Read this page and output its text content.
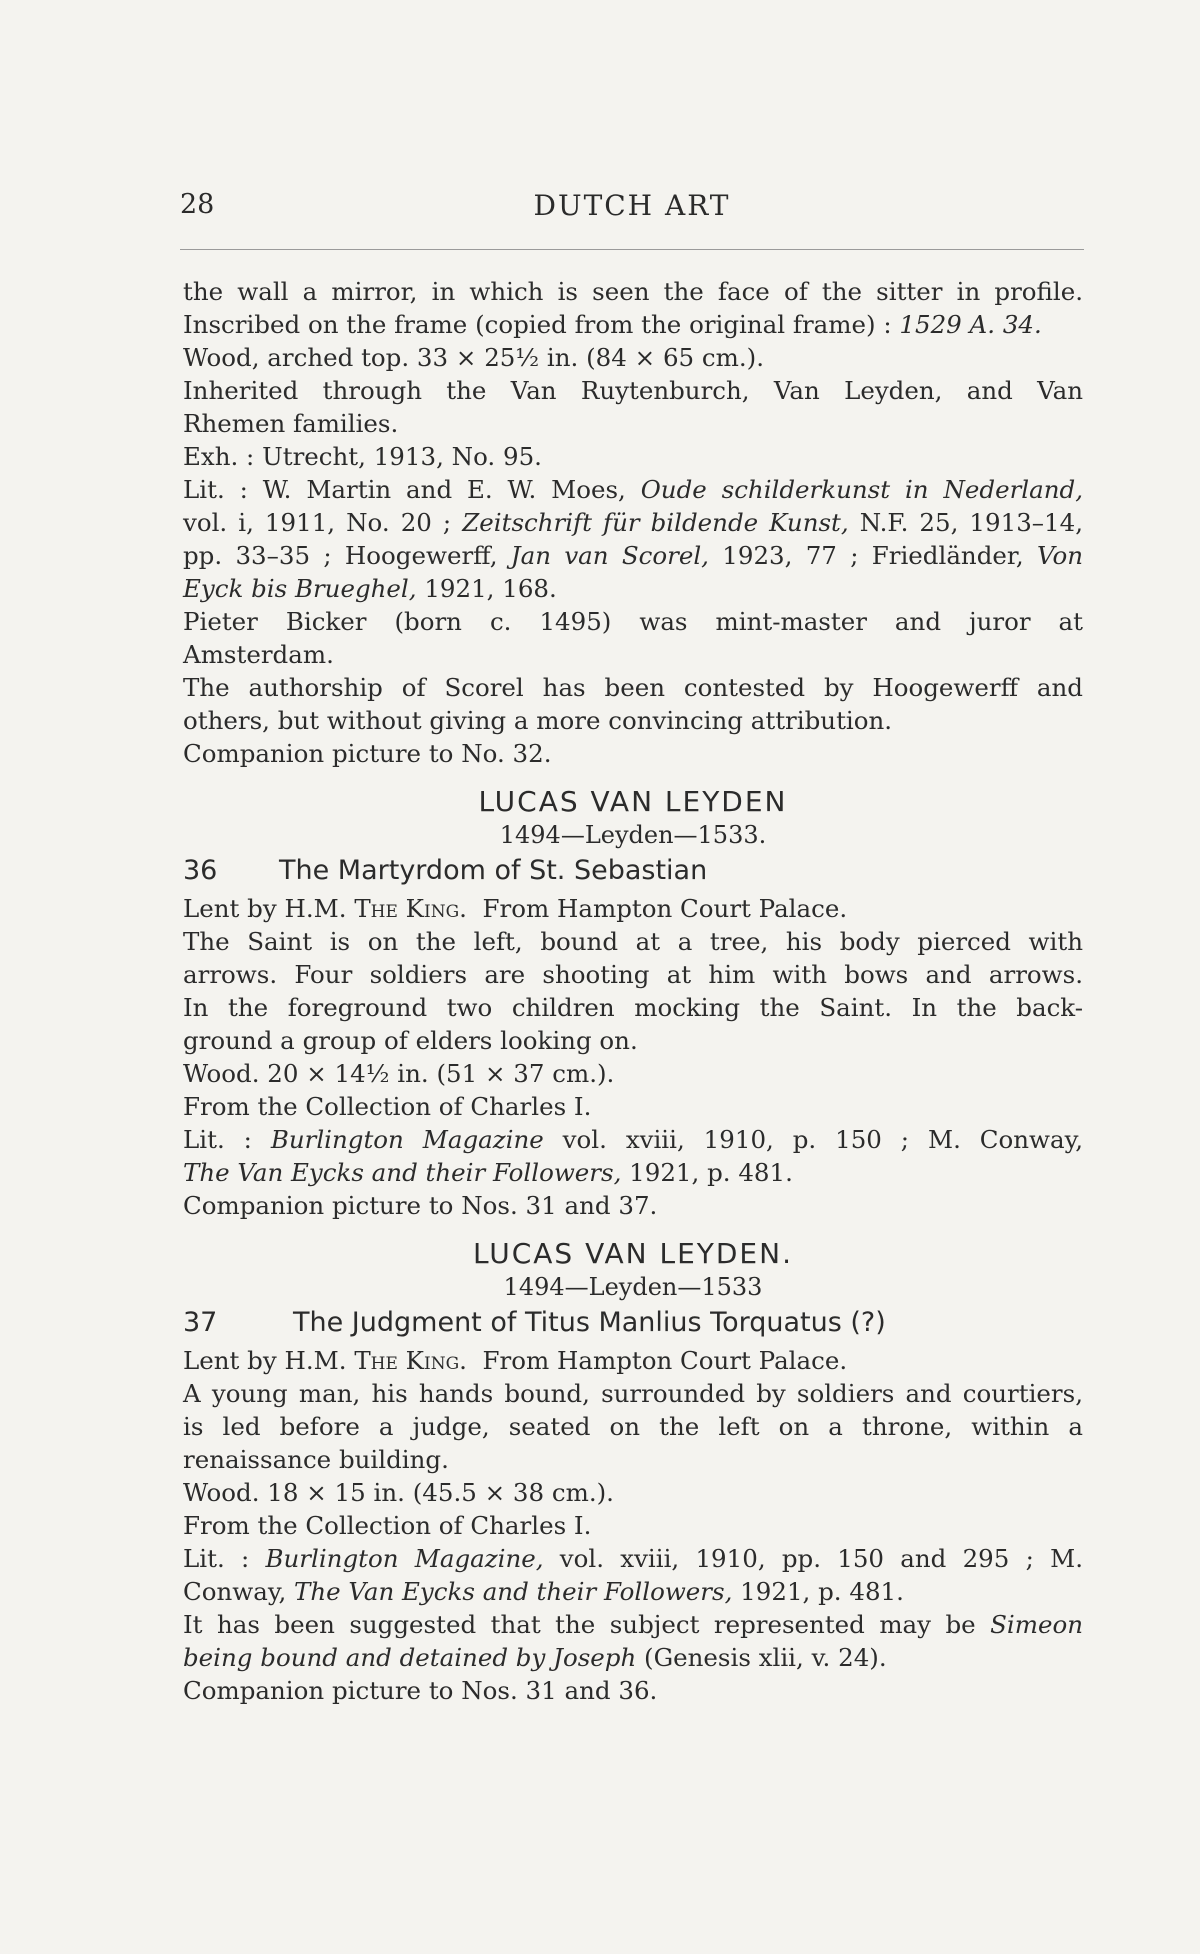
28	DUTCH ART
the wall a mirror, in which is seen the face of the sitter in profile.
Inscribed on the frame (copied from the original frame) : 1529 A. 34.
Wood, arched top. 33 × 25½ in. (84 × 65 cm.).
Inherited through the Van Ruytenburch, Van Leyden, and Van
Rhemen families.
Exh. : Utrecht, 1913, No. 95.
Lit. : W. Martin and E. W. Moes, Oude schilderkunst in Nederland,
vol. i, 1911, No. 20 ; Zeitschrift für bildende Kunst, N.F. 25, 1913–14,
pp. 33–35 ; Hoogewerff, Jan van Scorel, 1923, 77 ; Friedländer, Von
Eyck bis Brueghel, 1921, 168.
Pieter Bicker (born c. 1495) was mint-master and juror at
Amsterdam.
The authorship of Scorel has been contested by Hoogewerff and
others, but without giving a more convincing attribution.
Companion picture to No. 32.
LUCAS VAN LEYDEN
1494—Leyden—1533.
36 The Martyrdom of St. Sebastian
Lent by H.M. The King.  From Hampton Court Palace.
The Saint is on the left, bound at a tree, his body pierced with
arrows. Four soldiers are shooting at him with bows and arrows.
In the foreground two children mocking the Saint. In the back-
ground a group of elders looking on.
Wood. 20 × 14½ in. (51 × 37 cm.).
From the Collection of Charles I.
Lit. : Burlington Magazine vol. xviii, 1910, p. 150 ; M. Conway,
The Van Eycks and their Followers, 1921, p. 481.
Companion picture to Nos. 31 and 37.
LUCAS VAN LEYDEN.
1494—Leyden—1533
37	The Judgment of Titus Manlius Torquatus (?)
Lent by H.M. The King.  From Hampton Court Palace.
A young man, his hands bound, surrounded by soldiers and courtiers,
is led before a judge, seated on the left on a throne, within a
renaissance building.
Wood. 18 × 15 in. (45.5 × 38 cm.).
From the Collection of Charles I.
Lit. : Burlington Magazine, vol. xviii, 1910, pp. 150 and 295 ; M.
Conway, The Van Eycks and their Followers, 1921, p. 481.
It has been suggested that the subject represented may be Simeon
being bound and detained by Joseph (Genesis xlii, v. 24).
Companion picture to Nos. 31 and 36.
